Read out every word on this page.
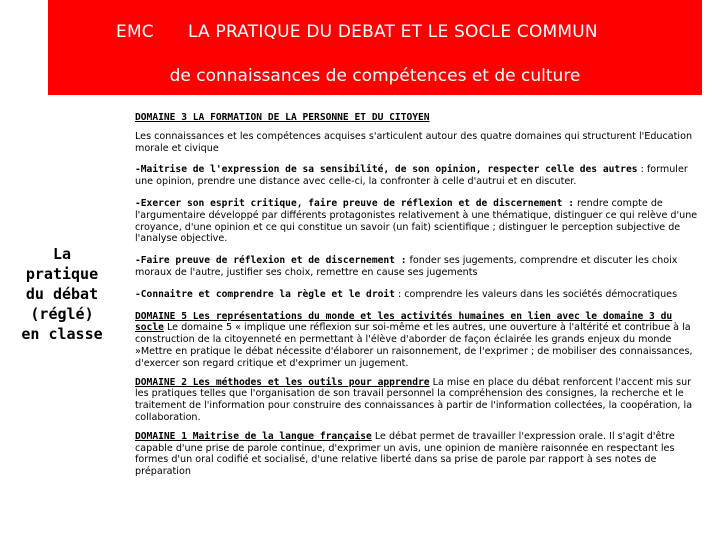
EMC LA PRATIQUE DU DEBAT ET LE SOCLE COMMUN
de connaissances de compétences et de culture
La
pratique
du débat
(réglé)
en classe

DOMAINE 3 LA FORMATION DE LA PERSONNE ET DU CITOYEN

Les connaissances et les compétences acquises s'articulent autour des quatre domaines qui structurent l'Education morale et civique

-Maitrise de l'expression de sa sensibilité, de son opinion, respecter celle des autres : formuler une opinion, prendre une distance avec celle-ci, la confronter à celle d'autrui et en discuter.

-Exercer son esprit critique, faire preuve de réflexion et de discernement : rendre compte de l'argumentaire développé par différents protagonistes relativement à une thématique, distinguer ce qui relève d'une croyance, d'une opinion et ce qui constitue un savoir (un fait) scientifique ; distinguer le perception subjective de l'analyse objective.

-Faire preuve de réflexion et de discernement : fonder ses jugements, comprendre et discuter les choix moraux de l'autre, justifier ses choix, remettre en cause ses jugements

-Connaitre et comprendre la règle et le droit : comprendre les valeurs dans les sociétés démocratiques

DOMAINE 5 Les représentations du monde et les activités humaines en lien avec le domaine 3 du socle Le domaine 5 « implique une réflexion sur soi-même et les autres, une ouverture à l'altérité et contribue à la construction de la citoyenneté en permettant à l'élève d'aborder de façon éclairée les grands enjeux du monde »Mettre en pratique le débat nécessite d'élaborer un raisonnement, de l'exprimer ; de mobiliser des connaissances, d'exercer son regard critique et d'exprimer un jugement.

DOMAINE 2 Les méthodes et les outils pour apprendre La mise en place du débat renforcent l'accent mis sur les pratiques telles que l'organisation de son travail personnel la compréhension des consignes, la recherche et le traitement de l'information pour construire des connaissances à partir de l'information collectées, la coopération, la collaboration.

DOMAINE 1 Maitrise de la langue française Le débat permet de travailler l'expression orale. Il s'agit d'être capable d'une prise de parole continue, d'exprimer un avis, une opinion de manière raisonnée en respectant les formes d'un oral codifié et socialisé, d'une relative liberté dans sa prise de parole par rapport à ses notes de préparation
